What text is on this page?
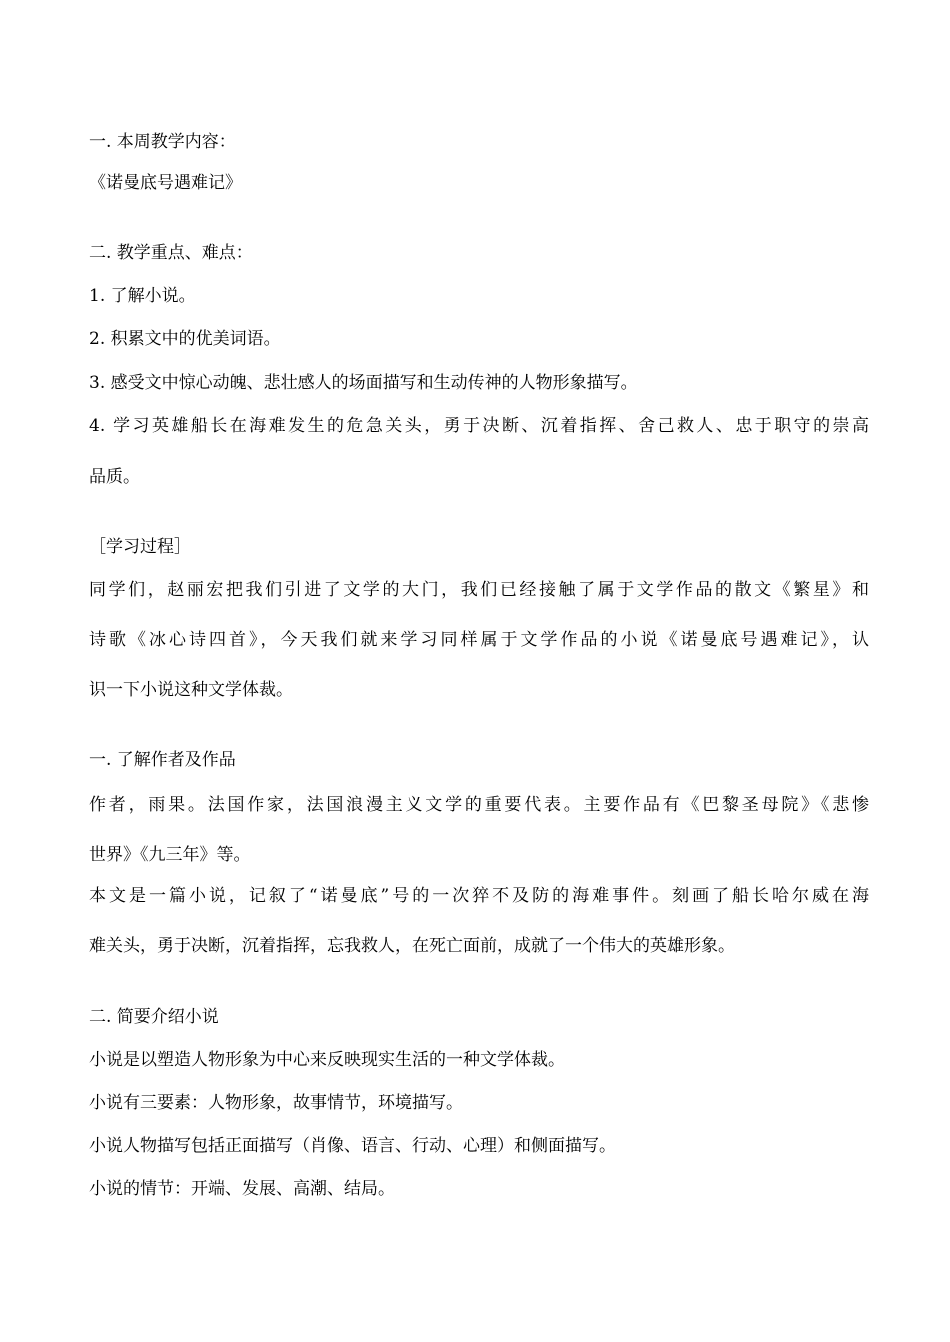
一. 本周教学内容：
《诺曼底号遇难记》
二. 教学重点、难点：
1. 了解小说。
2. 积累文中的优美词语。
3. 感受文中惊心动魄、悲壮感人的场面描写和生动传神的人物形象描写。
4. 学习英雄船长在海难发生的危急关头，勇于决断、沉着指挥、舍己救人、忠于职守的崇高
品质。
［学习过程］
同学们，赵丽宏把我们引进了文学的大门，我们已经接触了属于文学作品的散文《繁星》和
诗歌《冰心诗四首》，今天我们就来学习同样属于文学作品的小说《诺曼底号遇难记》，认
识一下小说这种文学体裁。
一. 了解作者及作品
作者，雨果。法国作家，法国浪漫主义文学的重要代表。主要作品有《巴黎圣母院》《悲惨
世界》《九三年》等。
本文是一篇小说，记叙了“诺曼底”号的一次猝不及防的海难事件。刻画了船长哈尔威在海
难关头，勇于决断，沉着指挥，忘我救人，在死亡面前，成就了一个伟大的英雄形象。
二. 简要介绍小说
小说是以塑造人物形象为中心来反映现实生活的一种文学体裁。
小说有三要素：人物形象，故事情节，环境描写。
小说人物描写包括正面描写（肖像、语言、行动、心理）和侧面描写。
小说的情节：开端、发展、高潮、结局。
